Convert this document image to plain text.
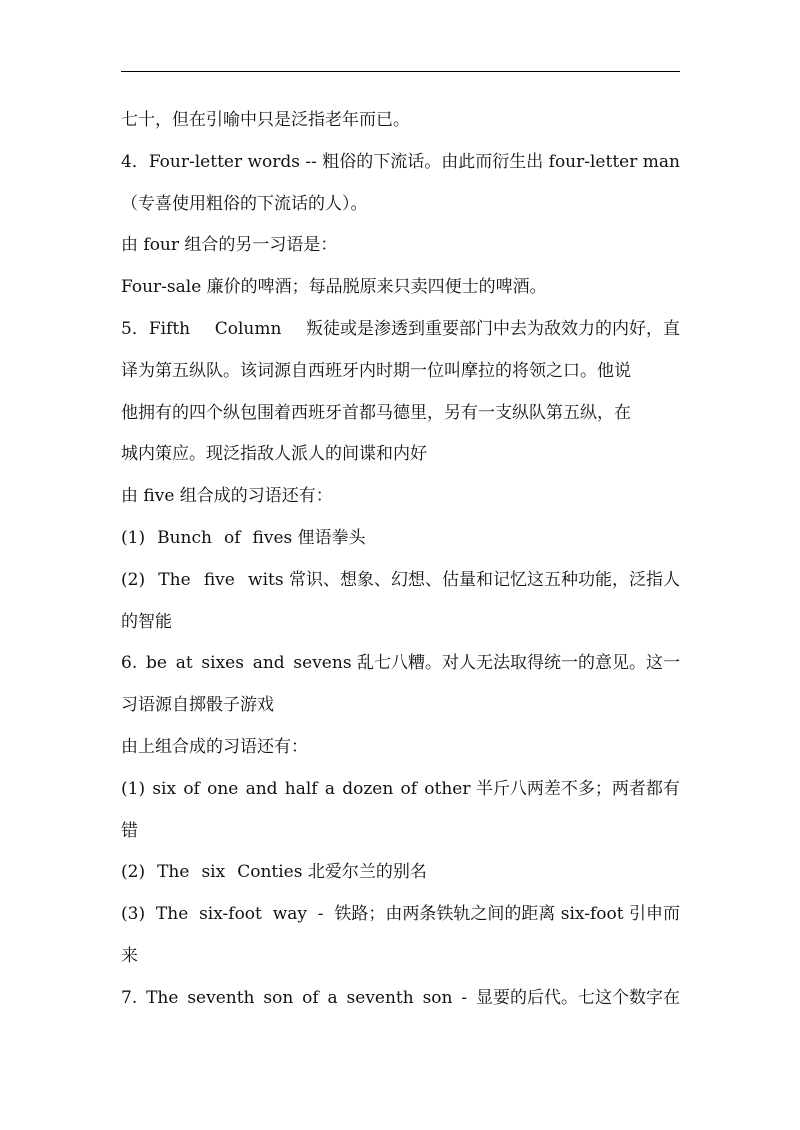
七十，但在引喻中只是泛指老年而已。
4．Four-letter words -- 粗俗的下流话。由此而衍生出 four-letter man
（专喜使用粗俗的下流话的人）。
由 four 组合的另一习语是：
Four-sale 廉价的啤酒；每品脱原来只卖四便士的啤酒。
5．Fifth Column 叛徒或是渗透到重要部门中去为敌效力的内好，直
译为第五纵队。该词源自西班牙内时期一位叫摩拉的将领之口。他说
他拥有的四个纵包围着西班牙首都马德里，另有一支纵队第五纵，在
城内策应。现泛指敌人派人的间谍和内好
由 five 组合成的习语还有：
(1) Bunch of fives 俚语拳头
(2) The five wits 常识、想象、幻想、估量和记忆这五种功能，泛指人
的智能
6. be at sixes and sevens 乱七八糟。对人无法取得统一的意见。这一
习语源自掷骰子游戏
由上组合成的习语还有：
(1) six of one and half a dozen of other 半斤八两差不多；两者都有
错
(2) The six Conties 北爱尔兰的别名
(3) The six-foot way - 铁路；由两条铁轨之间的距离 six-foot 引申而
来
7. The seventh son of a seventh son - 显要的后代。七这个数字在
